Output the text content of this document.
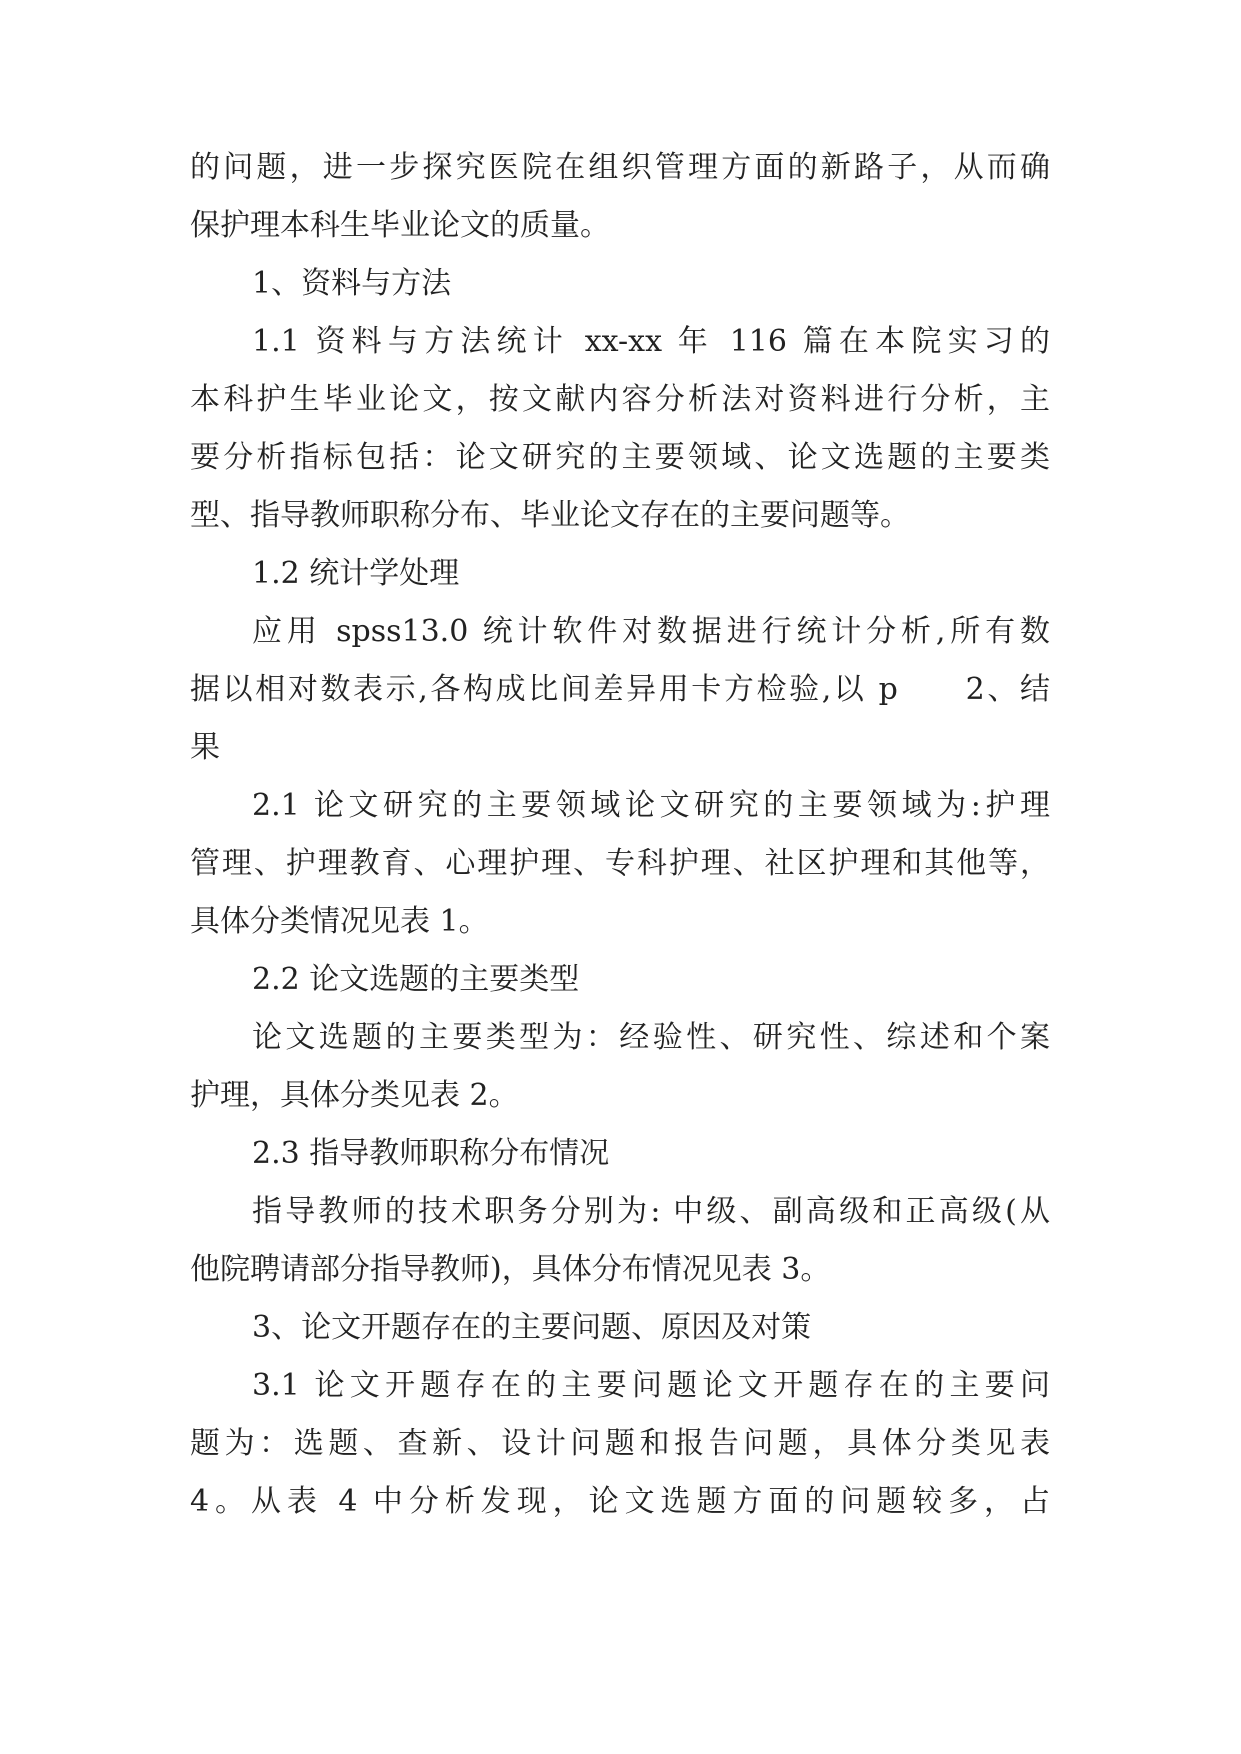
的问题，进一步探究医院在组织管理方面的新路子，从而确
保护理本科生毕业论文的质量。
1、资料与方法
1.1 资料与方法统计 xx-xx 年 116 篇在本院实习的
本科护生毕业论文，按文献内容分析法对资料进行分析，主
要分析指标包括：论文研究的主要领域、论文选题的主要类
型、指导教师职称分布、毕业论文存在的主要问题等。
1.2 统计学处理
应用 spss13.0 统计软件对数据进行统计分析,所有数
据以相对数表示,各构成比间差异用卡方检验,以 p　　2、结
果
2.1 论文研究的主要领域论文研究的主要领域为:护理
管理、护理教育、心理护理、专科护理、社区护理和其他等，
具体分类情况见表 1。
2.2 论文选题的主要类型
论文选题的主要类型为：经验性、研究性、综述和个案
护理，具体分类见表 2。
2.3 指导教师职称分布情况
指导教师的技术职务分别为: 中级、副高级和正高级(从
他院聘请部分指导教师)，具体分布情况见表 3。
3、论文开题存在的主要问题、原因及对策
3.1 论文开题存在的主要问题论文开题存在的主要问
题为：选题、查新、设计问题和报告问题，具体分类见表
4。从表 4 中分析发现，论文选题方面的问题较多，占
